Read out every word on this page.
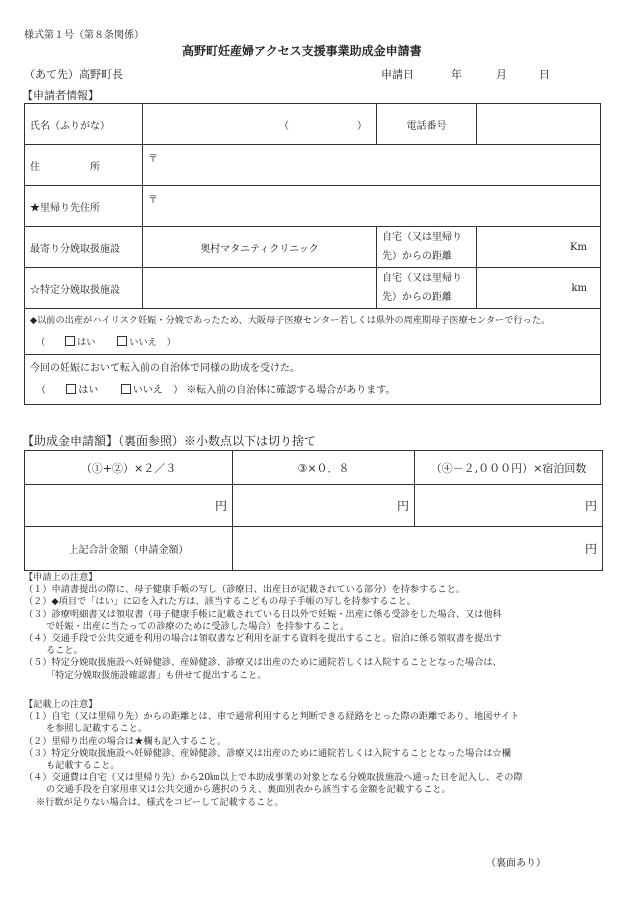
様式第１号（第８条関係）
高野町妊産婦アクセス支援事業助成金申請書
（あて先）高野町長	申請日	年	月	日
【申請者情報】
氏名（ふりがな）	（ ）	電話番号	
住　　　　　所	〒		
★里帰り先住所	〒		
最寄り分娩取扱施設	奥村マタニティクリニック	自宅（又は里帰り
先）からの距離	Km
☆特定分娩取扱施設		自宅（又は里帰り
先）からの距離	km

◆以前の出産がハイリスク妊娠・分娩であったため、大阪母子医療センター若しくは県外の周産期母子医療センターで行った。
（ はい いいえ ）			

今回の妊娠において転入前の自治体で同様の助成を受けた。
（ はい いいえ ） ※転入前の自治体に確認する場合があります。			
【助成金申請額】（裏面参照）※小数点以下は切り捨て
（①+②）×２／３	③×０．８	（④－２,０００円）×宿泊回数
円	円	円
上記合計金額（申請金額）	円	
【申請上の注意】
（１）申請書提出の際に、母子健康手帳の写し（診療日、出産日が記載されている部分）を持参すること。
（２）◆項目で「はい」に☑を入れた方は、該当するこどもの母子手帳の写しを持参すること。
（３）診療明細書又は領収書（母子健康手帳に記載されている日以外で妊娠・出産に係る受診をした場合、又は他科
で妊娠・出産に当たっての診療のために受診した場合）を持参すること。
（４）交通手段で公共交通を利用の場合は領収書など利用を証する資料を提出すること。宿泊に係る領収書を提出す
ること。
（５）特定分娩取扱施設へ妊婦健診、産婦健診、診療又は出産のために通院若しくは入院することとなった場合は、
「特定分娩取扱施設確認書」も併せて提出すること。
【記載上の注意】
（１）自宅（又は里帰り先）からの距離とは、車で通常利用すると判断できる経路をとった際の距離であり、地図サイト
を参照し記載すること。
（２）里帰り出産の場合は★欄も記入すること。
（３）特定分娩取扱施設へ妊婦健診、産婦健診、診療又は出産のために通院若しくは入院することとなった場合は☆欄
も記載すること。
（４）交通費は自宅（又は里帰り先）から20㎞以上で本助成事業の対象となる分娩取扱施設へ通った日を記入し、その際
の交通手段を自家用車又は公共交通から選択のうえ、裏面別表から該当する金額を記載すること。
※行数が足りない場合は、様式をコピーして記載すること。
（裏面あり）
